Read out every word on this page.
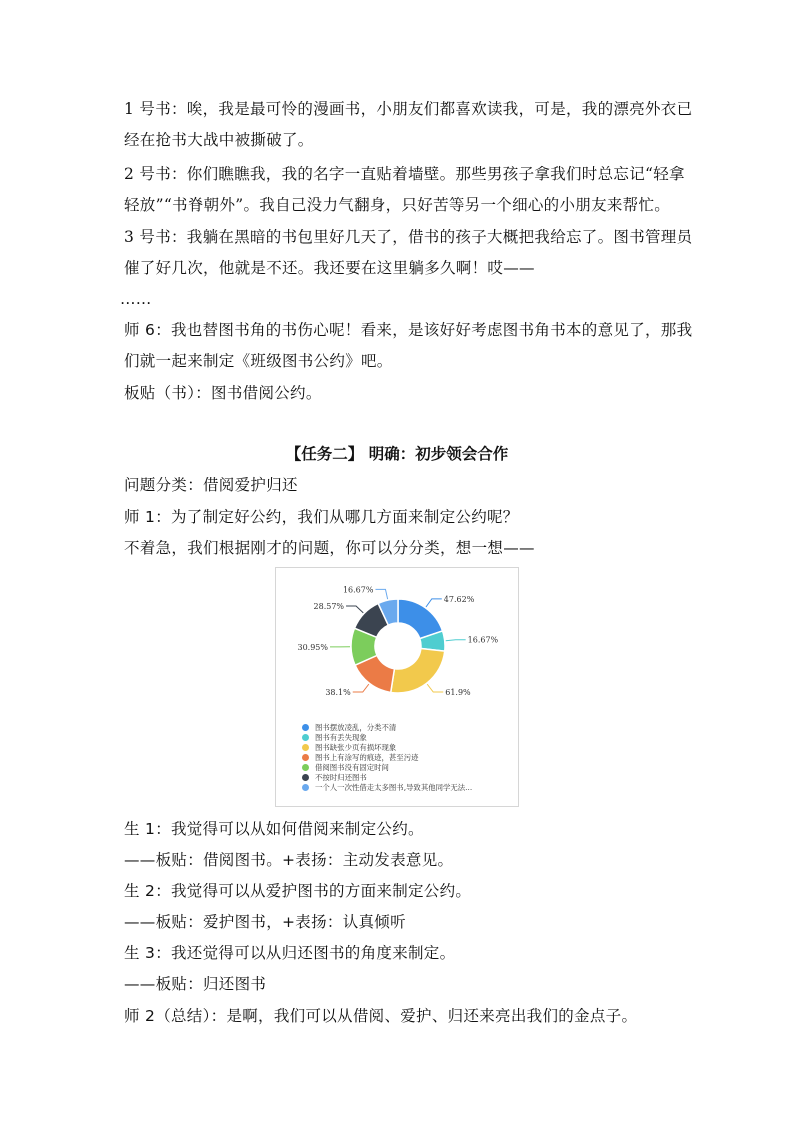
1 号书：唉，我是最可怜的漫画书，小朋友们都喜欢读我，可是，我的漂亮外衣已

经在抢书大战中被撕破了。

2 号书：你们瞧瞧我，我的名字一直贴着墙壁。那些男孩子拿我们时总忘记“轻拿

轻放”“书脊朝外”。我自己没力气翻身，只好苦等另一个细心的小朋友来帮忙。

3 号书：我躺在黑暗的书包里好几天了，借书的孩子大概把我给忘了。图书管理员

催了好几次，他就是不还。我还要在这里躺多久啊！哎——

……

师 6：我也替图书角的书伤心呢！看来，是该好好考虑图书角书本的意见了，那我

们就一起来制定《班级图书公约》吧。

板贴（书）：图书借阅公约。

【任务二】 明确：初步领会合作

问题分类：借阅爱护归还

师 1：为了制定好公约，我们从哪几方面来制定公约呢？

不着急，我们根据刚才的问题，你可以分分类，想一想——

47.62%
16.67%
61.9%
38.1%
30.95%
28.57%
16.67%
图书摆放凌乱，分类不清
图书有丢失现象
图书缺张少页有损坏现象
图书上有涂写的痕迹，甚至污迹
借阅图书没有固定时间
不按时归还图书
一个人一次性借走太多图书,导致其他同学无法...

生 1：我觉得可以从如何借阅来制定公约。

——板贴：借阅图书。+表扬：主动发表意见。

生 2：我觉得可以从爱护图书的方面来制定公约。

——板贴：爱护图书，+表扬：认真倾听

生 3：我还觉得可以从归还图书的角度来制定。

——板贴：归还图书

师 2（总结）：是啊，我们可以从借阅、爱护、归还来亮出我们的金点子。
